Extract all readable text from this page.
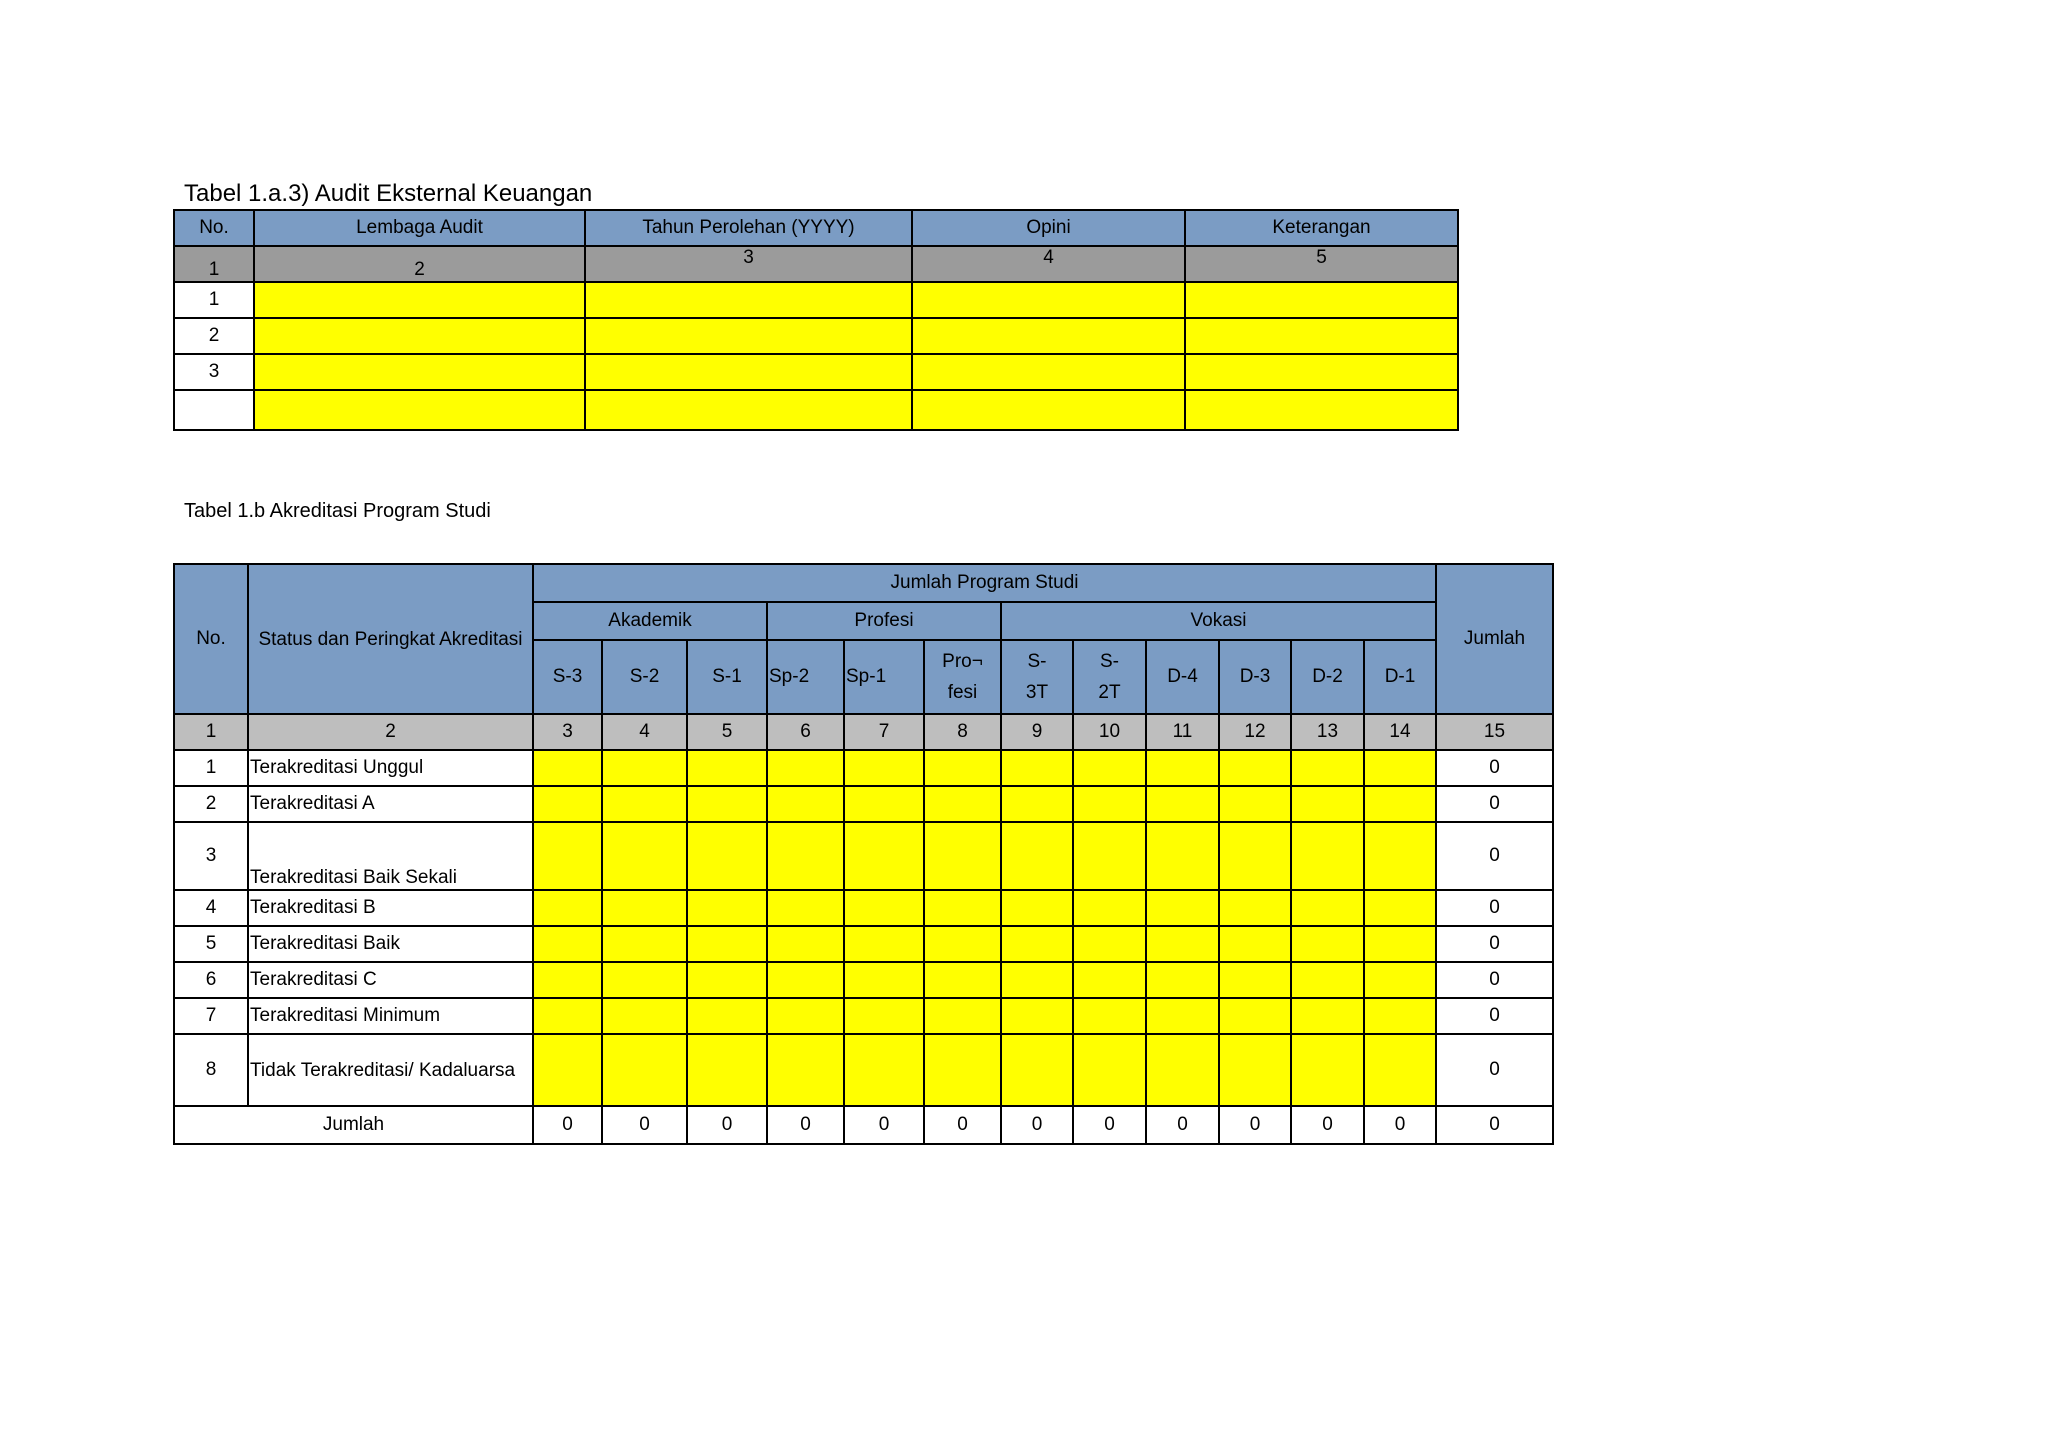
Tabel 1.a.3) Audit Eksternal Keuangan
No.	Lembaga Audit	Tahun Perolehan (YYYY)	Opini	Keterangan
1	2	3	4	5
1				
2				
3				

Tabel 1.b Akreditasi Program Studi
No.	Status dan Peringkat Akreditasi	Jumlah Program Studi												Jumlah
		Akademik			Profesi			Vokasi						
		S-3	S-2	S-1	Sp-2	Sp-1	Pro¬ fesi	S- 3T	S- 2T	D-4	D-3	D-2	D-1	
1	2	3	4	5	6	7	8	9	10	11	12	13	14	15
1	Terakreditasi Unggul													0
2	Terakreditasi A													0
3	Terakreditasi Baik Sekali													0
4	Terakreditasi B													0
5	Terakreditasi Baik													0
6	Terakreditasi C													0
7	Terakreditasi Minimum													0
8	Tidak Terakreditasi/ Kadaluarsa													0
Jumlah		0	0	0	0	0	0	0	0	0	0	0	0	0
